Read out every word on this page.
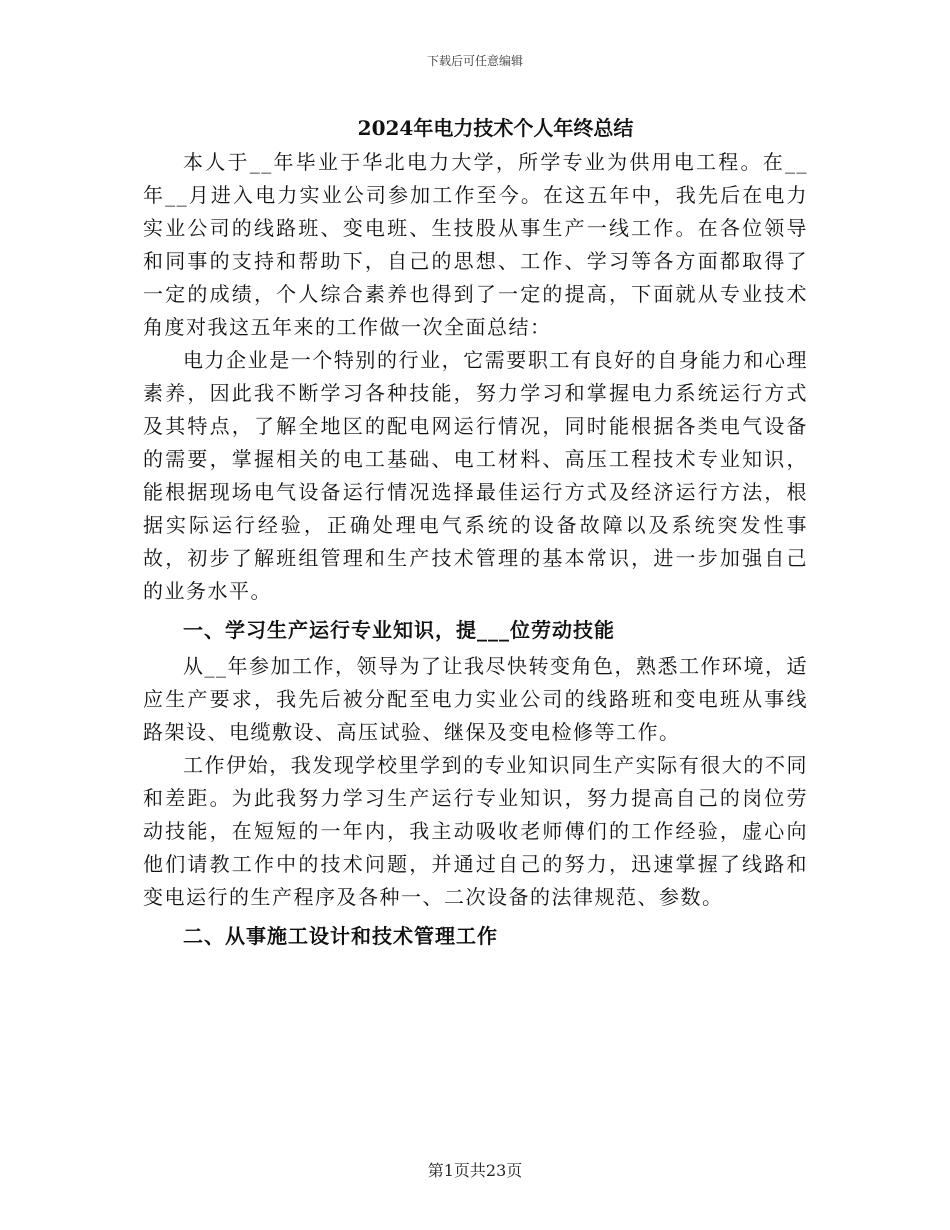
下载后可任意编辑
2024年电力技术个人年终总结

本人于__年毕业于华北电力大学，所学专业为供用电工程。在__年__月进入电力实业公司参加工作至今。在这五年中，我先后在电力实业公司的线路班、变电班、生技股从事生产一线工作。在各位领导和同事的支持和帮助下，自己的思想、工作、学习等各方面都取得了一定的成绩，个人综合素养也得到了一定的提高，下面就从专业技术角度对我这五年来的工作做一次全面总结：

电力企业是一个特别的行业，它需要职工有良好的自身能力和心理素养，因此我不断学习各种技能，努力学习和掌握电力系统运行方式及其特点，了解全地区的配电网运行情况，同时能根据各类电气设备的需要，掌握相关的电工基础、电工材料、高压工程技术专业知识，能根据现场电气设备运行情况选择最佳运行方式及经济运行方法，根据实际运行经验，正确处理电气系统的设备故障以及系统突发性事故，初步了解班组管理和生产技术管理的基本常识，进一步加强自己的业务水平。

一、学习生产运行专业知识，提___位劳动技能

从__年参加工作，领导为了让我尽快转变角色，熟悉工作环境，适应生产要求，我先后被分配至电力实业公司的线路班和变电班从事线路架设、电缆敷设、高压试验、继保及变电检修等工作。

工作伊始，我发现学校里学到的专业知识同生产实际有很大的不同和差距。为此我努力学习生产运行专业知识，努力提高自己的岗位劳动技能，在短短的一年内，我主动吸收老师傅们的工作经验，虚心向他们请教工作中的技术问题，并通过自己的努力，迅速掌握了线路和变电运行的生产程序及各种一、二次设备的法律规范、参数。

二、从事施工设计和技术管理工作
第1页共23页
